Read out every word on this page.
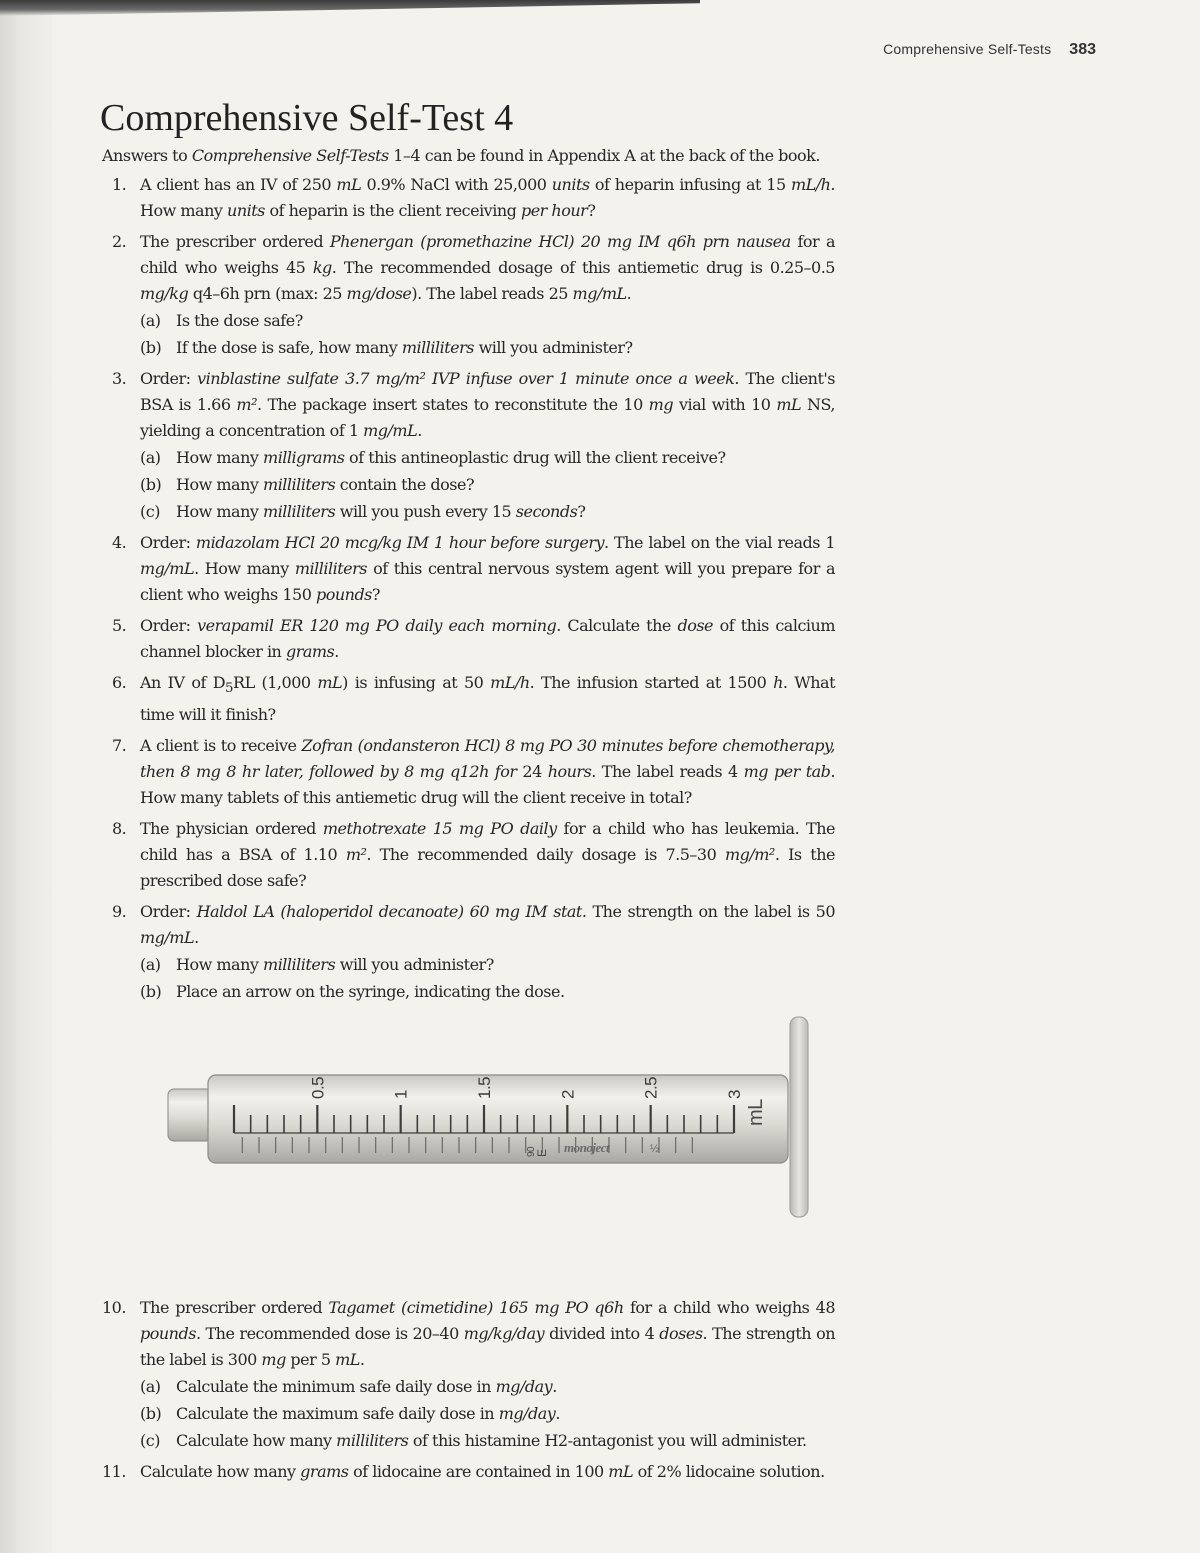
Comprehensive Self-Tests 383
Comprehensive Self-Test 4
Answers to Comprehensive Self-Tests 1–4 can be found in Appendix A at the back of the book.
1. A client has an IV of 250 mL 0.9% NaCl with 25,000 units of heparin infusing at 15 mL/h. How many units of heparin is the client receiving per hour?
2. The prescriber ordered Phenergan (promethazine HCl) 20 mg IM q6h prn nausea for a child who weighs 45 kg. The recommended dosage of this antiemetic drug is 0.25–0.5 mg/kg q4–6h prn (max: 25 mg/dose). The label reads 25 mg/mL.
(a) Is the dose safe?
(b) If the dose is safe, how many milliliters will you administer?
3. Order: vinblastine sulfate 3.7 mg/m² IVP infuse over 1 minute once a week. The client's BSA is 1.66 m². The package insert states to reconstitute the 10 mg vial with 10 mL NS, yielding a concentration of 1 mg/mL.
(a) How many milligrams of this antineoplastic drug will the client receive?
(b) How many milliliters contain the dose?
(c) How many milliliters will you push every 15 seconds?
4. Order: midazolam HCl 20 mcg/kg IM 1 hour before surgery. The label on the vial reads 1 mg/mL. How many milliliters of this central nervous system agent will you prepare for a client who weighs 150 pounds?
5. Order: verapamil ER 120 mg PO daily each morning. Calculate the dose of this calcium channel blocker in grams.
6. An IV of $D_5RL$ (1,000 mL) is infusing at 50 mL/h. The infusion started at 1500 h. What time will it finish?
7. A client is to receive Zofran (ondansteron HCl) 8 mg PO 30 minutes before chemotherapy, then 8 mg 8 hr later, followed by 8 mg q12h for 24 hours. The label reads 4 mg per tab. How many tablets of this antiemetic drug will the client receive in total?
8. The physician ordered methotrexate 15 mg PO daily for a child who has leukemia. The child has a BSA of 1.10 m². The recommended daily dosage is 7.5–30 mg/m². Is the prescribed dose safe?
9. Order: Haldol LA (haloperidol decanoate) 60 mg IM stat. The strength on the label is 50 mg/mL.
(a) How many milliliters will you administer?
(b) Place an arrow on the syringe, indicating the dose.
0.5	1	1.5	2	2.5	3
mL
90
E monoject	½
10. The prescriber ordered Tagamet (cimetidine) 165 mg PO q6h for a child who weighs 48 pounds. The recommended dose is 20–40 mg/kg/day divided into 4 doses. The strength on the label is 300 mg per 5 mL.
(a) Calculate the minimum safe daily dose in mg/day.
(b) Calculate the maximum safe daily dose in mg/day.
(c) Calculate how many milliliters of this histamine H2-antagonist you will administer.
11. Calculate how many grams of lidocaine are contained in 100 mL of 2% lidocaine solution.
